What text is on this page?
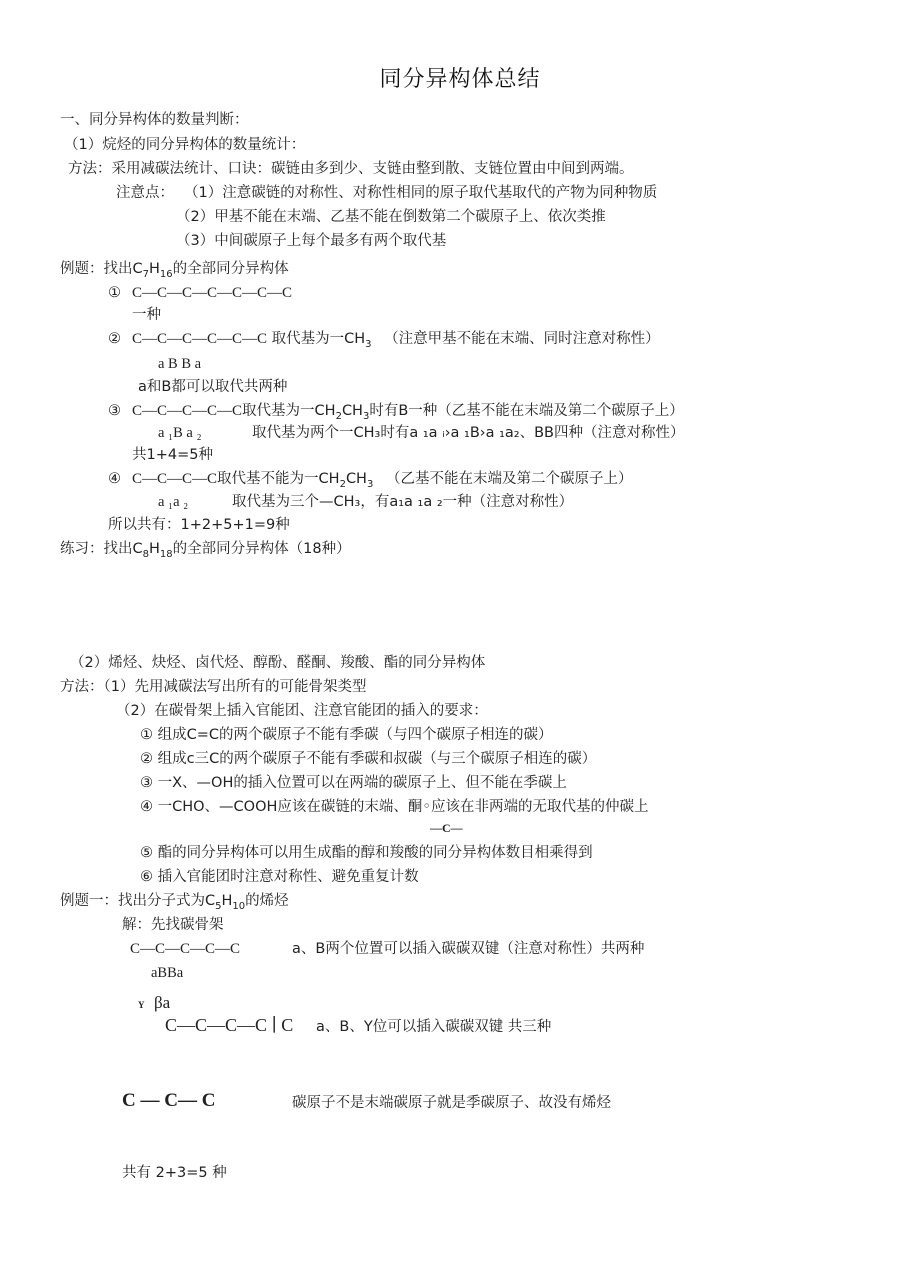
同分异构体总结
一、同分异构体的数量判断：
（1）烷烃的同分异构体的数量统计：
方法：采用减碳法统计、口诀：碳链由多到少、支链由整到散、支链位置由中间到两端。
注意点： （1）注意碳链的对称性、对称性相同的原子取代基取代的产物为同种物质
（2）甲基不能在末端、乙基不能在倒数第二个碳原子上、依次类推
（3）中间碳原子上每个最多有两个取代基
例题：找出$C_7H_{16}$的全部同分异构体
① C—C—C—C—C—C—C
一种
② C—C—C—C—C—C 取代基为一$CH_3$ （注意甲基不能在末端、同时注意对称性）
a B B a
a和B都可以取代共两种
③ C—C—C—C—C取代基为一$CH_2CH_3$时有B一种（乙基不能在末端及第二个碳原子上）
a ₁B a ₂	取代基为两个一CH₃时有a ₁a ᵢ›a ₁B›a ₁a₂、BB四种（注意对称性）
共1+4=5种
④ C—C—C—C取代基不能为一$CH_2CH_3$ （乙基不能在末端及第二个碳原子上）
a ₁a ₂	取代基为三个—CH₃，有a₁a ₁a ₂一种（注意对称性）
所以共有：1+2+5+1=9种
练习：找出$C_8H_{18}$的全部同分异构体（18种）
（2）烯烃、炔烃、卤代烃、醇酚、醛酮、羧酸、酯的同分异构体
方法：（1）先用减碳法写出所有的可能骨架类型
（2）在碳骨架上插入官能团、注意官能团的插入的要求：
① 组成C=C的两个碳原子不能有季碳（与四个碳原子相连的碳）
② 组成c三C的两个碳原子不能有季碳和叔碳（与三个碳原子相连的碳）
③ 一X、—OH的插入位置可以在两端的碳原子上、但不能在季碳上
④ 一CHO、—COOH应该在碳链的末端、酮◦应该在非两端的无取代基的仲碳上
—C—
⑤ 酯的同分异构体可以用生成酯的醇和羧酸的同分异构体数目相乘得到
⑥ 插入官能团时注意对称性、避免重复计数
例题一：找出分子式为$C_5H_{10}$的烯烃
解：先找碳骨架
C—C—C—C—C	a、B两个位置可以插入碳碳双键（注意对称性）共两种
aBBa
Y βa
C—C—C—C ∣ C a、B、Y位可以插入碳碳双键 共三种
C — C— C	碳原子不是末端碳原子就是季碳原子、故没有烯烃
共有 2+3=5 种
